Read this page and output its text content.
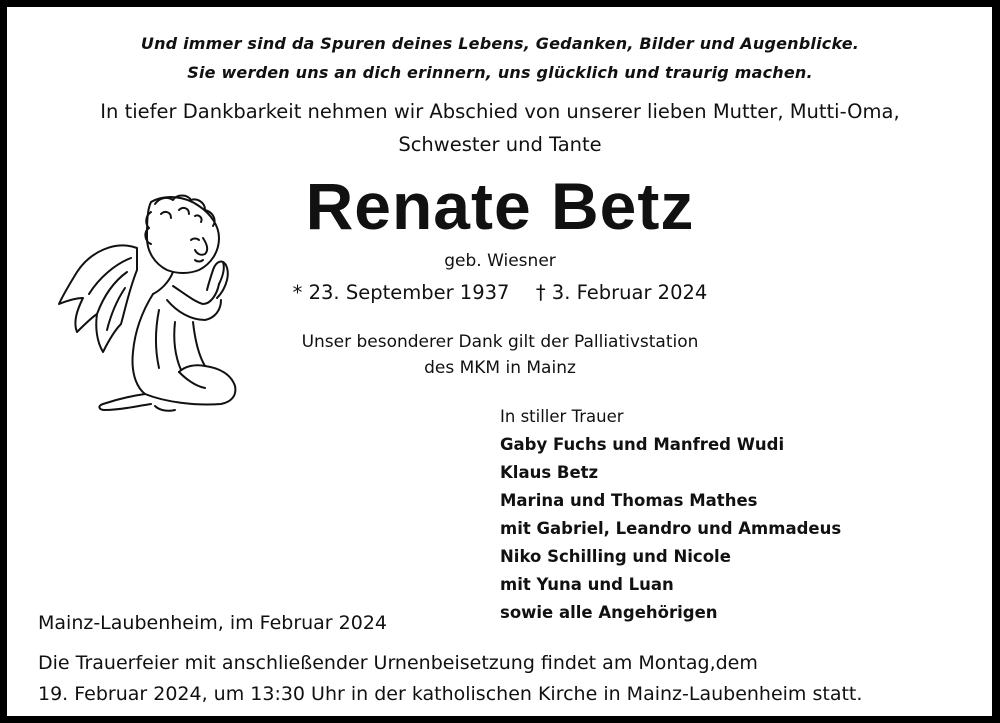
Und immer sind da Spuren deines Lebens, Gedanken, Bilder und Augenblicke.
Sie werden uns an dich erinnern, uns glücklich und traurig machen.
In tiefer Dankbarkeit nehmen wir Abschied von unserer lieben Mutter, Mutti-Oma,
Schwester und Tante
Renate Betz
geb. Wiesner
* 23. September 1937 † 3. Februar 2024
Unser besonderer Dank gilt der Palliativstation
des MKM in Mainz
In stiller Trauer
Gaby Fuchs und Manfred Wudi
Klaus Betz
Marina und Thomas Mathes
mit Gabriel, Leandro und Ammadeus
Niko Schilling und Nicole
mit Yuna und Luan
sowie alle Angehörigen
Mainz-Laubenheim, im Februar 2024
Die Trauerfeier mit anschließender Urnenbeisetzung findet am Montag,dem
19. Februar 2024, um 13:30 Uhr in der katholischen Kirche in Mainz-Laubenheim statt.
